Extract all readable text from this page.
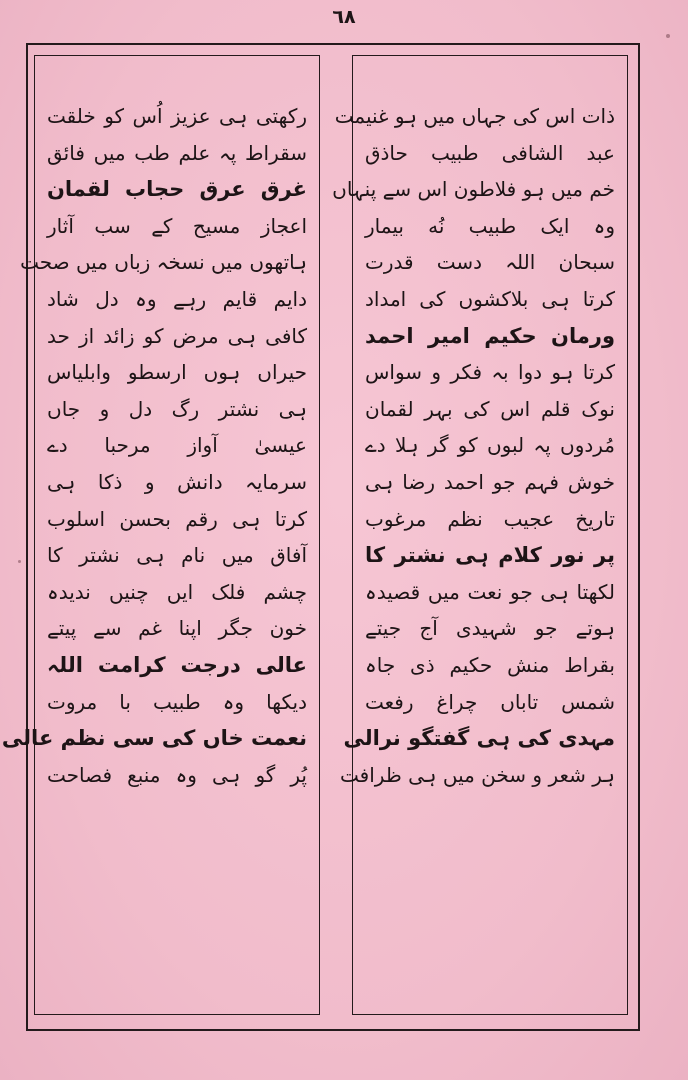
٦٨
ذات اس کی جہاں میں ہو غنیمت
عبد الشافی طبیب حاذق
خم میں ہو فلاطون اس سے پنہاں
وہ ایک طبیب نُه بیمار
سبحان اللہ دست قدرت
کرتا ہی بلاکشوں کی امداد
ورمان حکیم امیر احمد
کرتا ہو دوا بہ فکر و سواس
نوک قلم اس کی بہر لقمان
مُردوں پہ لبوں کو گر ہلا دے
خوش فہم جو احمد رضا ہی
تاریخ عجیب نظم مرغوب
پر نور کلام ہی نشتر کا
لکھتا ہی جو نعت میں قصیدہ
ہوتے جو شہیدی آج جیتے
بقراط منش حکیم ذی جاہ
شمس تاباں چراغ رفعت
مہدی کی ہی گفتگو نرالی
ہر شعر و سخن میں ہی ظرافت
رکھتی ہی عزیز اُس کو خلقت
سقراط پہ علم طب میں فائق
غرق عرق حجاب لقمان
اعجاز مسیح کے سب آثار
ہاتھوں میں نسخہ زباں میں صحت
دایم قایم رہے وہ دل شاد
کافی ہی مرض کو زائد از حد
حیراں ہوں ارسطو وابلیاس
ہی نشتر رگ دل و جاں
عیسیٰ آواز مرحبا دے
سرمایہ دانش و ذکا ہی
کرتا ہی رقم بحسن اسلوب
آفاق میں نام ہی نشتر کا
چشم فلک ایں چنیں ندیدہ
خون جگر اپنا غم سے پیتے
عالی درجت کرامت اللہ
دیکھا وہ طبیب با مروت
نعمت خاں کی سی نظم عالی
پُر گو ہی وہ منبع فصاحت
